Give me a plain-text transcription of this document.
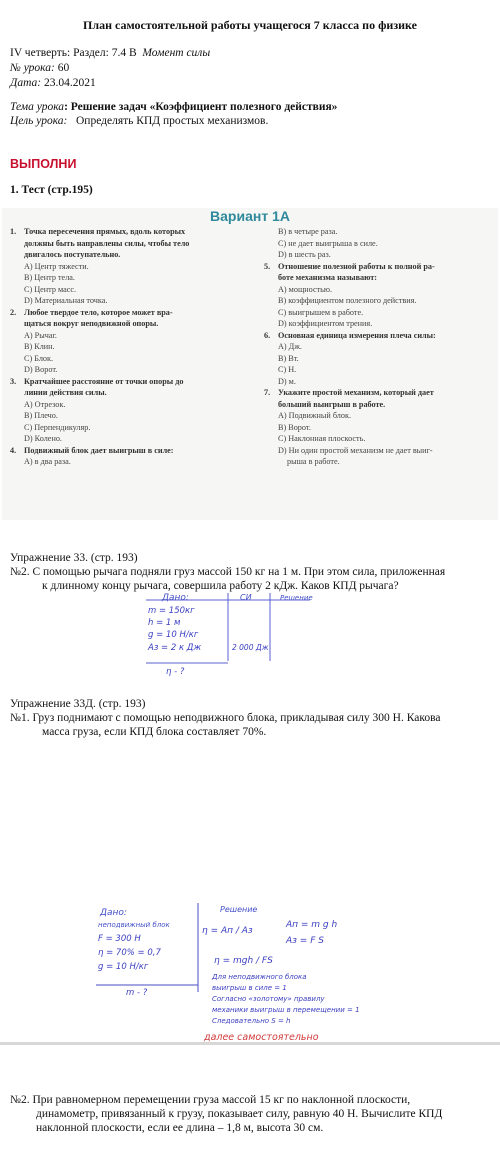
План самостоятельной работы учащегося 7 класса по физике
IV четверть: Раздел: 7.4 В Момент силы
№ урока: 60
Дата: 23.04.2021
Тема урока: Решение задач «Коэффициент полезного действия»
Цель урока: Определять КПД простых механизмов.
ВЫПОЛНИ
1. Тест (стр.195)
Вариант 1А
1. Точка пересечения прямых, вдоль которых
должны быть направлены силы, чтобы тело
двигалось поступательно.
А) Центр тяжести.
В) Центр тела.
С) Центр масс.
D) Материальная точка.
2. Любое твердое тело, которое может вра-
щаться вокруг неподвижной опоры.
А) Рычаг.
В) Клин.
С) Блок.
D) Ворот.
3. Кратчайшее расстояние от точки опоры до
линии действия силы.
А) Отрезок.
В) Плечо.
С) Перпендикуляр.
D) Колено.
4. Подвижный блок дает выигрыш в силе:
А) в два раза.
В) в четыре раза.
С) не дает выигрыша в силе.
D) в шесть раз.
5. Отношение полезной работы к полной ра-
боте механизма называют:
А) мощностью.
В) коэффициентом полезного действия.
С) выигрышем в работе.
D) коэффициентом трения.
6. Основная единица измерения плеча силы:
А) Дж.
В) Вт.
С) Н.
D) м.
7. Укажите простой механизм, который дает
больший выигрыш в работе.
А) Подвижный блок.
В) Ворот.
С) Наклонная плоскость.
D) Ни один простой механизм не дает выиг-
рыша в работе.
Упражнение 33. (стр. 193)
№2. С помощью рычага подняли груз массой 150 кг на 1 м. При этом сила, приложенная
к длинному концу рычага, совершила работу 2 кДж. Каков КПД рычага?
Дано:	СИ	Решение
m = 150кг
h = 1 м
g = 10 Н/кг
Аз = 2 к Дж	2 000 Дж
η - ?
Упражнение 33Д. (стр. 193)
№1. Груз поднимают с помощью неподвижного блока, прикладывая силу 300 Н. Какова
масса груза, если КПД блока составляет 70%.
Дано:
неподвижный блок
F = 300 Н
η = 70% = 0,7
g = 10 Н/кг
m - ?
Решение
η = Ап / Аз
Ап = m g h
Аз = F S
η = mgh / FS
Для неподвижного блока
выигрыш в силе = 1
Согласно «золотому» правилу
механики выигрыш в перемещении = 1
Следовательно S = h
далее самостоятельно
№2. При равномерном перемещении груза массой 15 кг по наклонной плоскости,
динамометр, привязанный к грузу, показывает силу, равную 40 Н. Вычислите КПД
наклонной плоскости, если ее длина – 1,8 м, высота 30 см.
